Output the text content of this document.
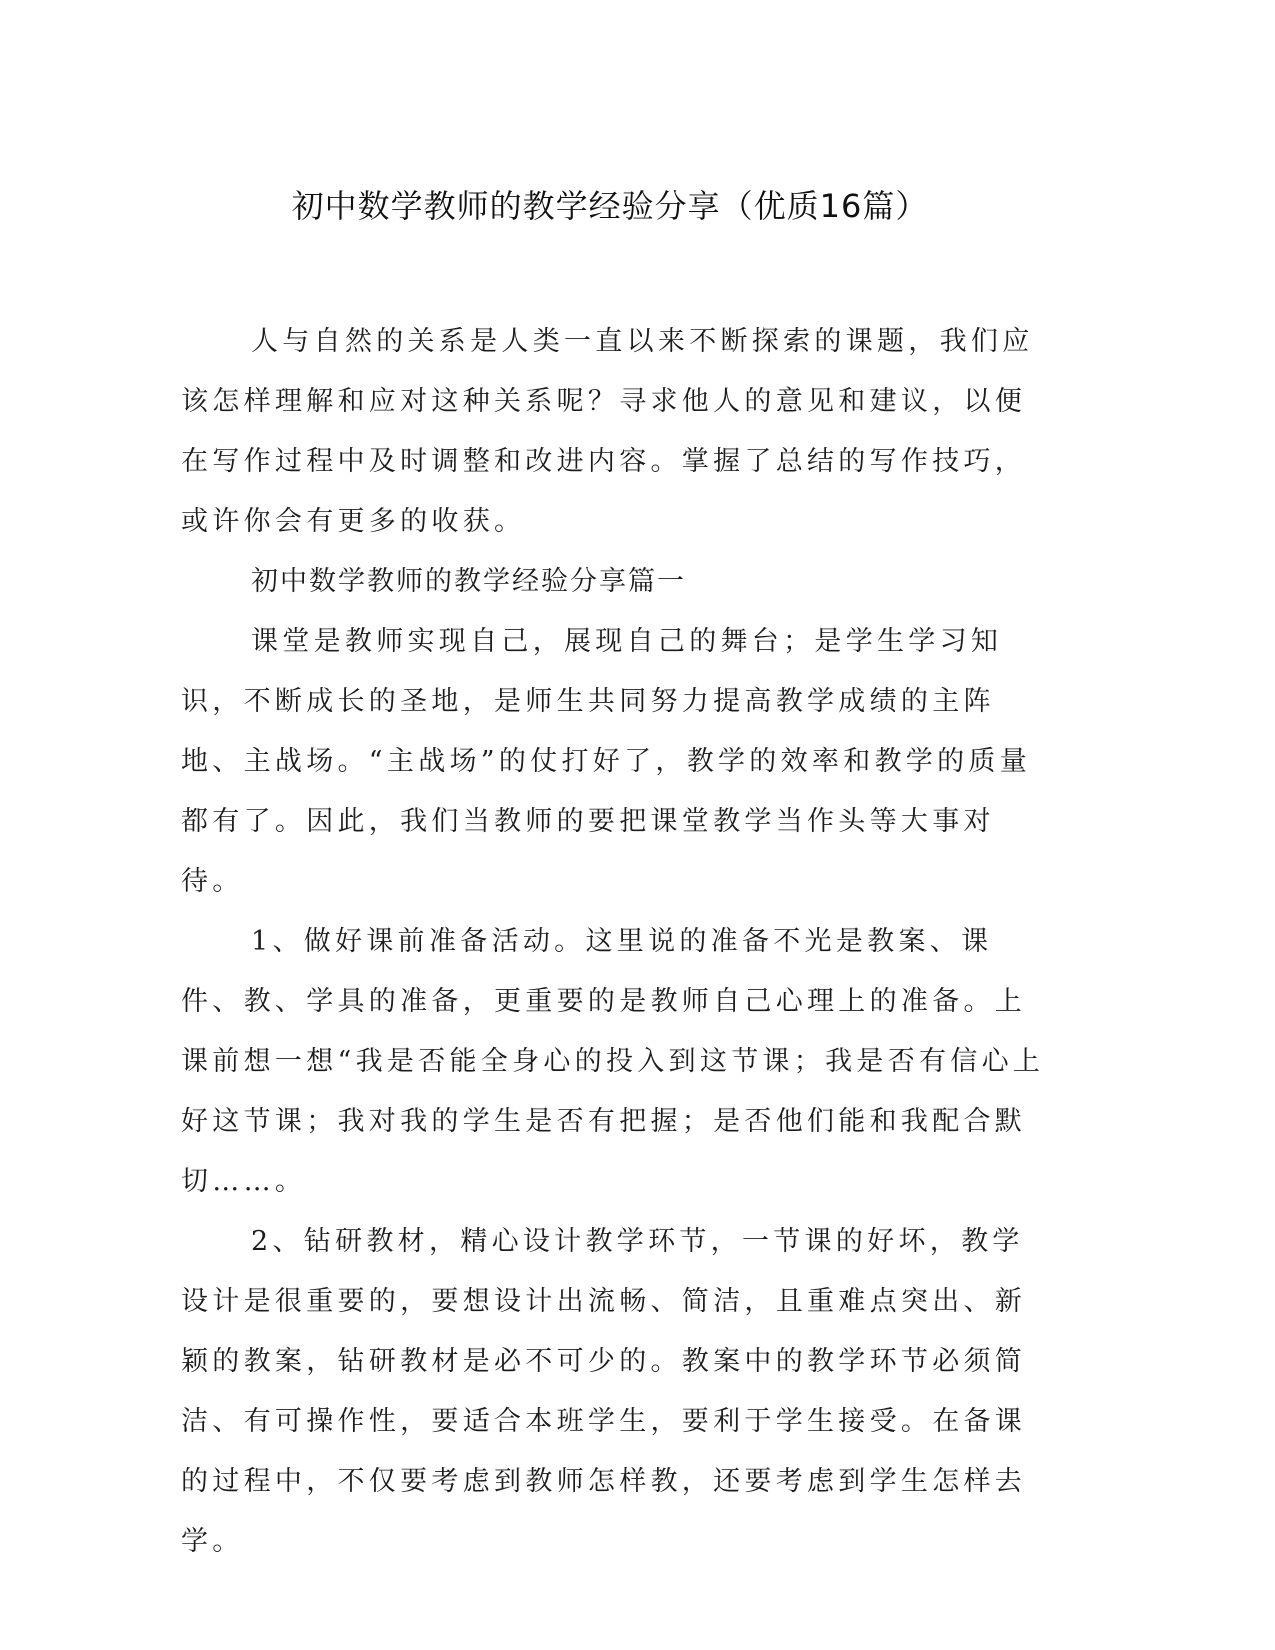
初中数学教师的教学经验分享（优质16篇）

人与自然的关系是人类一直以来不断探索的课题，我们应该怎样理解和应对这种关系呢？寻求他人的意见和建议，以便在写作过程中及时调整和改进内容。掌握了总结的写作技巧，或许你会有更多的收获。

初中数学教师的教学经验分享篇一

课堂是教师实现自己，展现自己的舞台；是学生学习知识，不断成长的圣地，是师生共同努力提高教学成绩的主阵地、主战场。“主战场”的仗打好了，教学的效率和教学的质量都有了。因此，我们当教师的要把课堂教学当作头等大事对待。

1、做好课前准备活动。这里说的准备不光是教案、课件、教、学具的准备，更重要的是教师自己心理上的准备。上课前想一想“我是否能全身心的投入到这节课；我是否有信心上好这节课；我对我的学生是否有把握；是否他们能和我配合默切……。

2、钻研教材，精心设计教学环节，一节课的好坏，教学设计是很重要的，要想设计出流畅、简洁，且重难点突出、新颖的教案，钻研教材是必不可少的。教案中的教学环节必须简洁、有可操作性，要适合本班学生，要利于学生接受。在备课的过程中，不仅要考虑到教师怎样教，还要考虑到学生怎样去学。
